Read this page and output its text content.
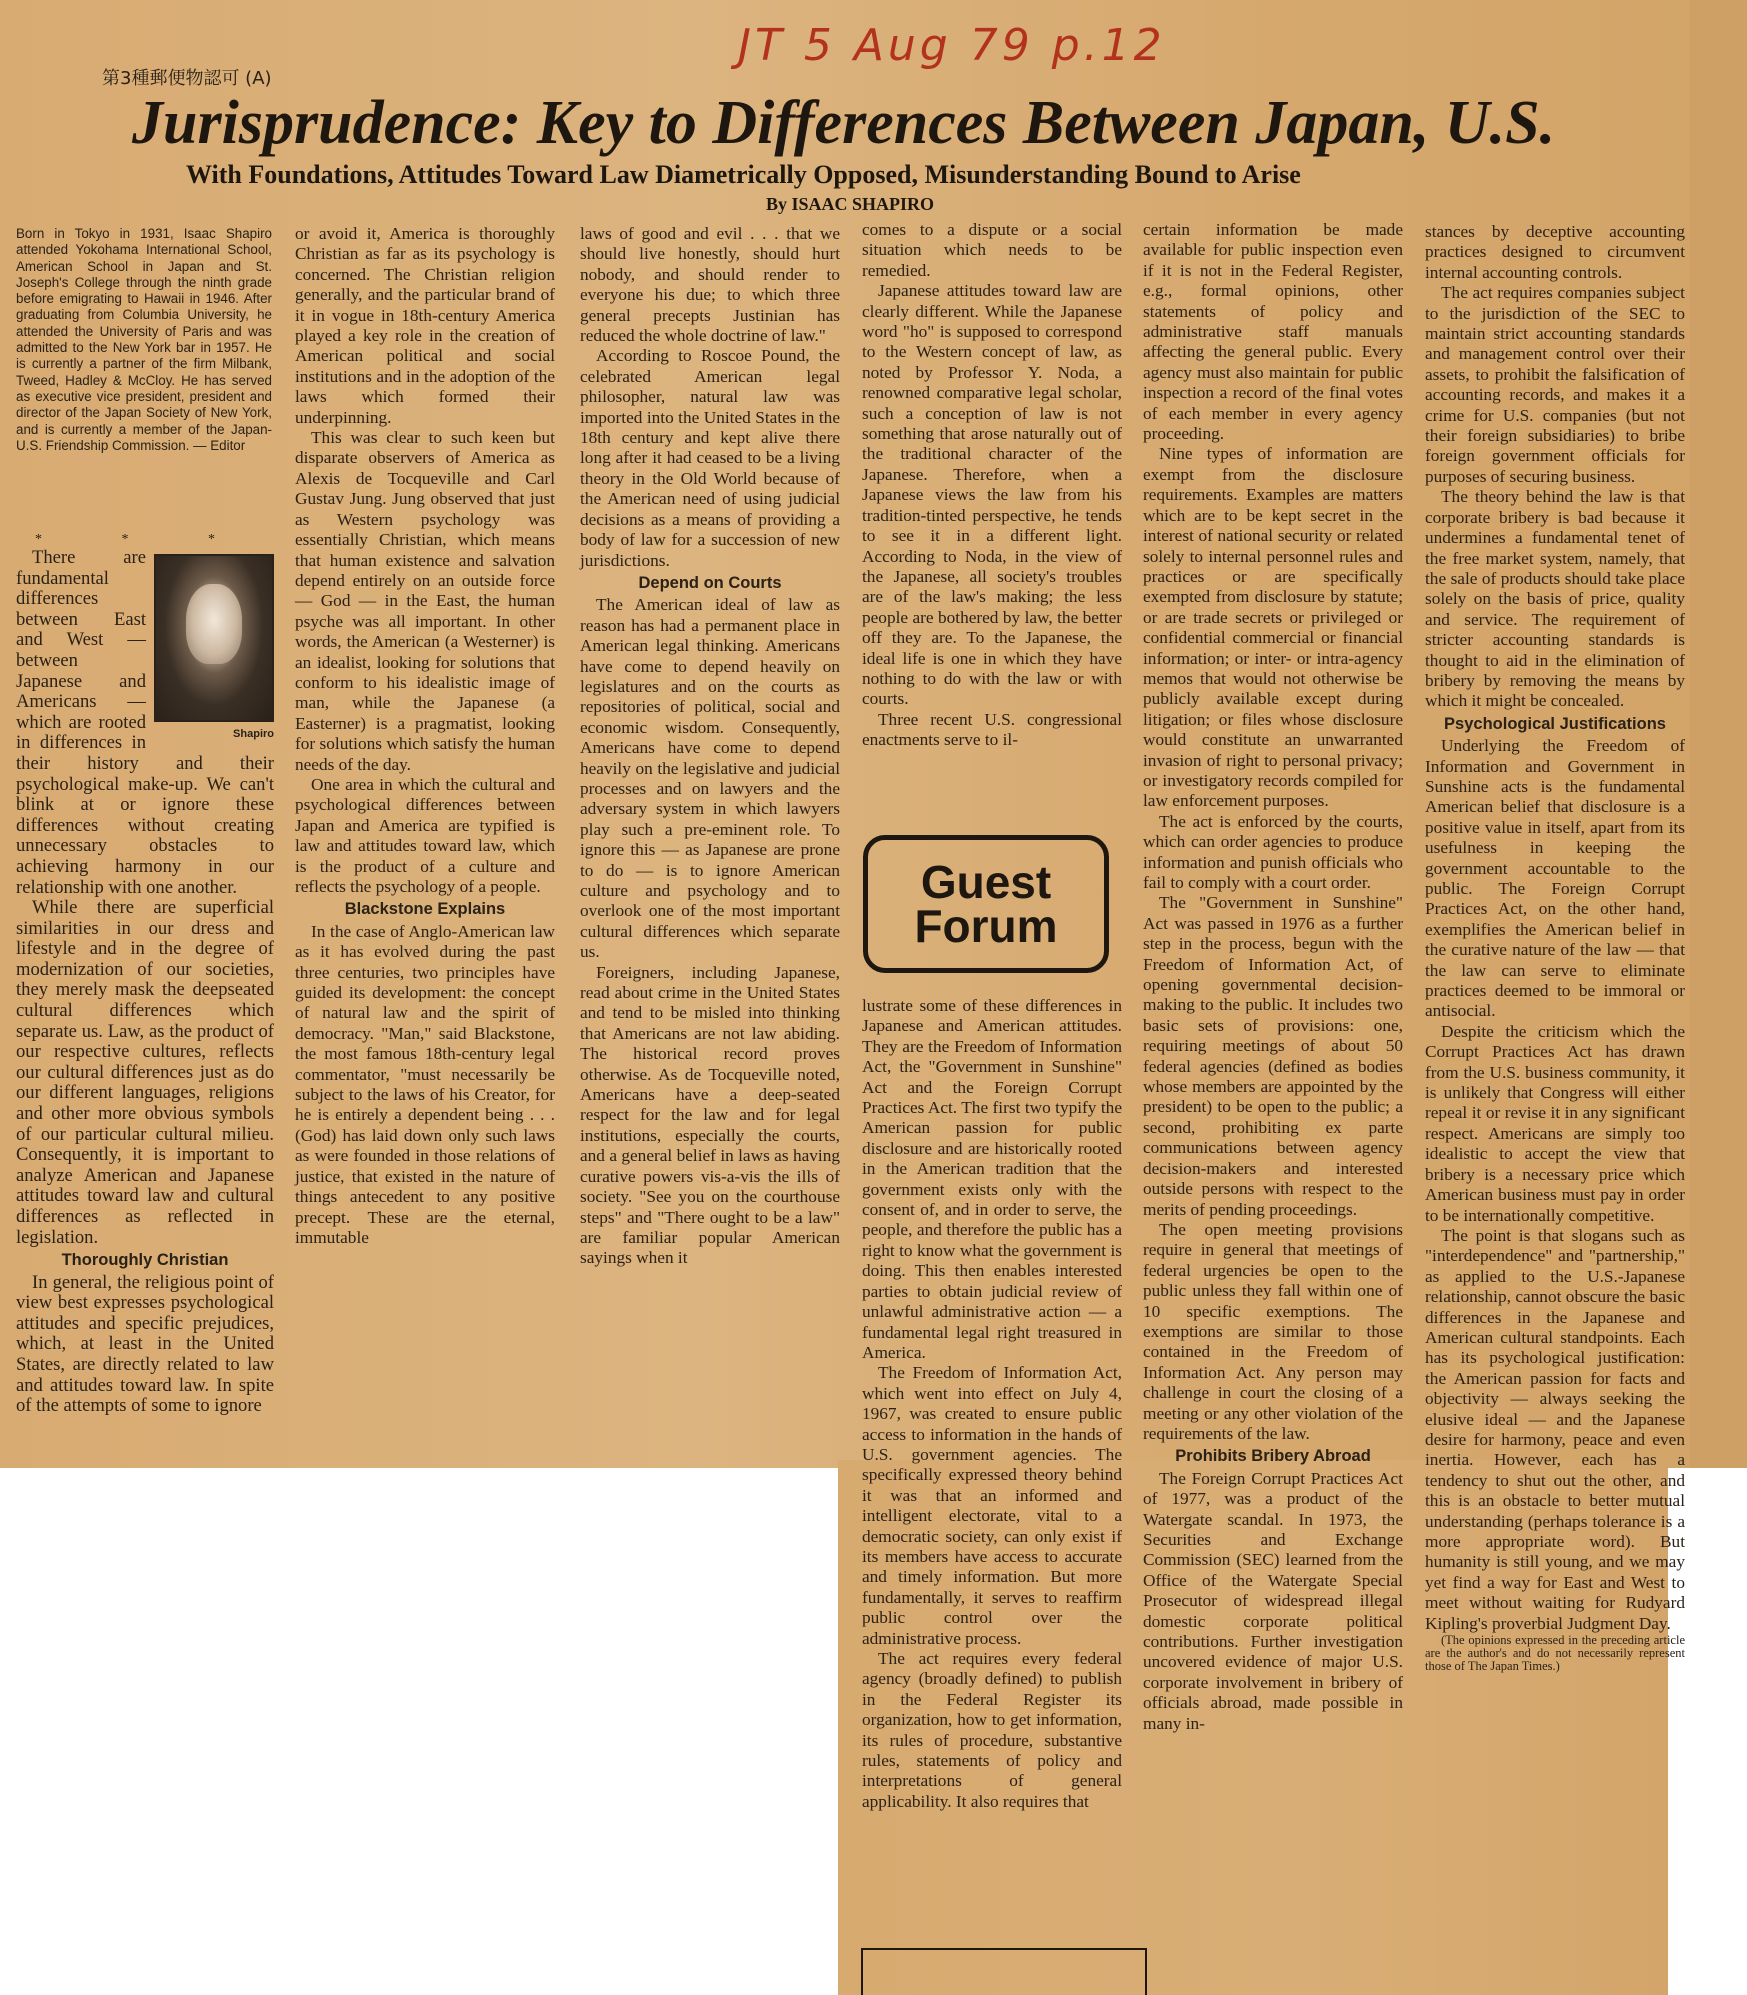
JT 5 Aug 79 p.12
第3種郵便物認可 (A)
Jurisprudence: Key to Differences Between Japan, U.S.
With Foundations, Attitudes Toward Law Diametrically Opposed, Misunderstanding Bound to Arise
By ISAAC SHAPIRO
Born in Tokyo in 1931, Isaac Shapiro attended Yokohama International School, American School in Japan and St. Joseph's College through the ninth grade before emigrating to Hawaii in 1946. After graduating from Columbia University, he attended the University of Paris and was admitted to the New York bar in 1957. He is currently a partner of the firm Milbank, Tweed, Hadley & McCloy. He has served as executive vice president, president and director of the Japan Society of New York, and is currently a member of the Japan-U.S. Friendship Commission. — Editor
* * *
Shapiro

There are fundamental differences between East and West — between Japanese and Americans — which are rooted in differences in their history and their psychological make-up. We can't blink at or ignore these differences without creating unnecessary obstacles to achieving harmony in our relationship with one another.

While there are superficial similarities in our dress and lifestyle and in the degree of modernization of our societies, they merely mask the deepseated cultural differences which separate us. Law, as the product of our respective cultures, reflects our cultural differences just as do our different languages, religions and other more obvious symbols of our particular cultural milieu. Consequently, it is important to analyze American and Japanese attitudes toward law and cultural differences as reflected in legislation.

Thoroughly Christian

In general, the religious point of view best expresses psychological attitudes and specific prejudices, which, at least in the United States, are directly related to law and attitudes toward law. In spite of the attempts of some to ignore

or avoid it, America is thoroughly Christian as far as its psychology is concerned. The Christian religion generally, and the particular brand of it in vogue in 18th-century America played a key role in the creation of American political and social institutions and in the adoption of the laws which formed their underpinning.

This was clear to such keen but disparate observers of America as Alexis de Tocqueville and Carl Gustav Jung. Jung observed that just as Western psychology was essentially Christian, which means that human existence and salvation depend entirely on an outside force — God — in the East, the human psyche was all important. In other words, the American (a Westerner) is an idealist, looking for solutions that conform to his idealistic image of man, while the Japanese (a Easterner) is a pragmatist, looking for solutions which satisfy the human needs of the day.

One area in which the cultural and psychological differences between Japan and America are typified is law and attitudes toward law, which is the product of a culture and reflects the psychology of a people.

Blackstone Explains

In the case of Anglo-American law as it has evolved during the past three centuries, two principles have guided its development: the concept of natural law and the spirit of democracy. "Man," said Blackstone, the most famous 18th-century legal commentator, "must necessarily be subject to the laws of his Creator, for he is entirely a dependent being . . . (God) has laid down only such laws as were founded in those relations of justice, that existed in the nature of things antecedent to any positive precept. These are the eternal, immutable

laws of good and evil . . . that we should live honestly, should hurt nobody, and should render to everyone his due; to which three general precepts Justinian has reduced the whole doctrine of law."

According to Roscoe Pound, the celebrated American legal philosopher, natural law was imported into the United States in the 18th century and kept alive there long after it had ceased to be a living theory in the Old World because of the American need of using judicial decisions as a means of providing a body of law for a succession of new jurisdictions.

Depend on Courts

The American ideal of law as reason has had a permanent place in American legal thinking. Americans have come to depend heavily on legislatures and on the courts as repositories of political, social and economic wisdom. Consequently, Americans have come to depend heavily on the legislative and judicial processes and on lawyers and the adversary system in which lawyers play such a pre-eminent role. To ignore this — as Japanese are prone to do — is to ignore American culture and psychology and to overlook one of the most important cultural differences which separate us.

Foreigners, including Japanese, read about crime in the United States and tend to be misled into thinking that Americans are not law abiding. The historical record proves otherwise. As de Tocqueville noted, Americans have a deep-seated respect for the law and for legal institutions, especially the courts, and a general belief in laws as having curative powers vis-a-vis the ills of society. "See you on the courthouse steps" and "There ought to be a law" are familiar popular American sayings when it

comes to a dispute or a social situation which needs to be remedied.

Japanese attitudes toward law are clearly different. While the Japanese word "ho" is supposed to correspond to the Western concept of law, as noted by Professor Y. Noda, a renowned comparative legal scholar, such a conception of law is not something that arose naturally out of the traditional character of the Japanese. Therefore, when a Japanese views the law from his tradition-tinted perspective, he tends to see it in a different light. According to Noda, in the view of the Japanese, all society's troubles are of the law's making; the less people are bothered by law, the better off they are. To the Japanese, the ideal life is one in which they have nothing to do with the law or with courts.

Three recent U.S. congressional enactments serve to il-

Guest
Forum

lustrate some of these differences in Japanese and American attitudes. They are the Freedom of Information Act, the "Government in Sunshine" Act and the Foreign Corrupt Practices Act. The first two typify the American passion for public disclosure and are historically rooted in the American tradition that the government exists only with the consent of, and in order to serve, the people, and therefore the public has a right to know what the government is doing. This then enables interested parties to obtain judicial review of unlawful administrative action — a fundamental legal right treasured in America.

The Freedom of Information Act, which went into effect on July 4, 1967, was created to ensure public access to information in the hands of U.S. government agencies. The specifically expressed theory behind it was that an informed and intelligent electorate, vital to a democratic society, can only exist if its members have access to accurate and timely information. But more fundamentally, it serves to reaffirm public control over the administrative process.

The act requires every federal agency (broadly defined) to publish in the Federal Register its organization, how to get information, its rules of procedure, substantive rules, statements of policy and interpretations of general applicability. It also requires that

certain information be made available for public inspection even if it is not in the Federal Register, e.g., formal opinions, other statements of policy and administrative staff manuals affecting the general public. Every agency must also maintain for public inspection a record of the final votes of each member in every agency proceeding.

Nine types of information are exempt from the disclosure requirements. Examples are matters which are to be kept secret in the interest of national security or related solely to internal personnel rules and practices or are specifically exempted from disclosure by statute; or are trade secrets or privileged or confidential commercial or financial information; or inter- or intra-agency memos that would not otherwise be publicly available except during litigation; or files whose disclosure would constitute an unwarranted invasion of right to personal privacy; or investigatory records compiled for law enforcement purposes.

The act is enforced by the courts, which can order agencies to produce information and punish officials who fail to comply with a court order.

The "Government in Sunshine" Act was passed in 1976 as a further step in the process, begun with the Freedom of Information Act, of opening governmental decision-making to the public. It includes two basic sets of provisions: one, requiring meetings of about 50 federal agencies (defined as bodies whose members are appointed by the president) to be open to the public; a second, prohibiting ex parte communications between agency decision-makers and interested outside persons with respect to the merits of pending proceedings.

The open meeting provisions require in general that meetings of federal urgencies be open to the public unless they fall within one of 10 specific exemptions. The exemptions are similar to those contained in the Freedom of Information Act. Any person may challenge in court the closing of a meeting or any other violation of the requirements of the law.

Prohibits Bribery Abroad

The Foreign Corrupt Practices Act of 1977, was a product of the Watergate scandal. In 1973, the Securities and Exchange Commission (SEC) learned from the Office of the Watergate Special Prosecutor of widespread illegal domestic corporate political contributions. Further investigation uncovered evidence of major U.S. corporate involvement in bribery of officials abroad, made possible in many in-

stances by deceptive accounting practices designed to circumvent internal accounting controls.

The act requires companies subject to the jurisdiction of the SEC to maintain strict accounting standards and management control over their assets, to prohibit the falsification of accounting records, and makes it a crime for U.S. companies (but not their foreign subsidiaries) to bribe foreign government officials for purposes of securing business.

The theory behind the law is that corporate bribery is bad because it undermines a fundamental tenet of the free market system, namely, that the sale of products should take place solely on the basis of price, quality and service. The requirement of stricter accounting standards is thought to aid in the elimination of bribery by removing the means by which it might be concealed.

Psychological Justifications

Underlying the Freedom of Information and Government in Sunshine acts is the fundamental American belief that disclosure is a positive value in itself, apart from its usefulness in keeping the government accountable to the public. The Foreign Corrupt Practices Act, on the other hand, exemplifies the American belief in the curative nature of the law — that the law can serve to eliminate practices deemed to be immoral or antisocial.

Despite the criticism which the Corrupt Practices Act has drawn from the U.S. business community, it is unlikely that Congress will either repeal it or revise it in any significant respect. Americans are simply too idealistic to accept the view that bribery is a necessary price which American business must pay in order to be internationally competitive.

The point is that slogans such as "interdependence" and "partnership," as applied to the U.S.-Japanese relationship, cannot obscure the basic differences in the Japanese and American cultural standpoints. Each has its psychological justification: the American passion for facts and objectivity — always seeking the elusive ideal — and the Japanese desire for harmony, peace and even inertia. However, each has a tendency to shut out the other, and this is an obstacle to better mutual understanding (perhaps tolerance is a more appropriate word). But humanity is still young, and we may yet find a way for East and West to meet without waiting for Rudyard Kipling's proverbial Judgment Day.

(The opinions expressed in the preceding article are the author's and do not necessarily represent those of The Japan Times.)
